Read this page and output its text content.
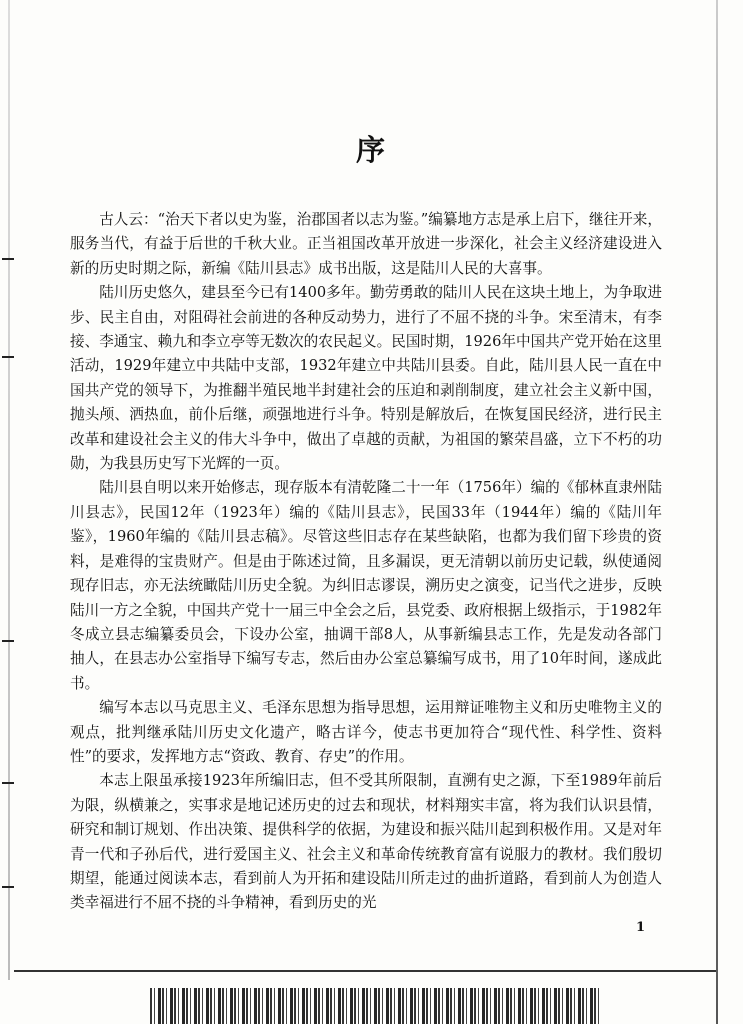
序

古人云：“治天下者以史为鉴，治郡国者以志为鉴。”编纂地方志是承上启下，继往开来，服务当代，有益于后世的千秋大业。正当祖国改革开放进一步深化，社会主义经济建设进入新的历史时期之际，新编《陆川县志》成书出版，这是陆川人民的大喜事。

陆川历史悠久，建县至今已有1400多年。勤劳勇敢的陆川人民在这块土地上，为争取进步、民主自由，对阻碍社会前进的各种反动势力，进行了不屈不挠的斗争。宋至清末，有李接、李通宝、赖九和李立亭等无数次的农民起义。民国时期，1926年中国共产党开始在这里活动，1929年建立中共陆中支部，1932年建立中共陆川县委。自此，陆川县人民一直在中国共产党的领导下，为推翻半殖民地半封建社会的压迫和剥削制度，建立社会主义新中国，抛头颅、洒热血，前仆后继，顽强地进行斗争。特别是解放后，在恢复国民经济，进行民主改革和建设社会主义的伟大斗争中，做出了卓越的贡献，为祖国的繁荣昌盛，立下不朽的功勋，为我县历史写下光辉的一页。

陆川县自明以来开始修志，现存版本有清乾隆二十一年（1756年）编的《郁林直隶州陆川县志》，民国12年（1923年）编的《陆川县志》，民国33年（1944年）编的《陆川年鉴》，1960年编的《陆川县志稿》。尽管这些旧志存在某些缺陷，也都为我们留下珍贵的资料，是难得的宝贵财产。但是由于陈述过简，且多漏误，更无清朝以前历史记载，纵使通阅现存旧志，亦无法统瞰陆川历史全貌。为纠旧志谬误，溯历史之演变，记当代之进步，反映陆川一方之全貌，中国共产党十一届三中全会之后，县党委、政府根据上级指示，于1982年冬成立县志编纂委员会，下设办公室，抽调干部8人，从事新编县志工作，先是发动各部门抽人，在县志办公室指导下编写专志，然后由办公室总纂编写成书，用了10年时间，遂成此书。

编写本志以马克思主义、毛泽东思想为指导思想，运用辩证唯物主义和历史唯物主义的观点，批判继承陆川历史文化遗产，略古详今，使志书更加符合“现代性、科学性、资料性”的要求，发挥地方志“资政、教育、存史”的作用。

本志上限虽承接1923年所编旧志，但不受其所限制，直溯有史之源，下至1989年前后为限，纵横兼之，实事求是地记述历史的过去和现状，材料翔实丰富，将为我们认识县情，研究和制订规划、作出决策、提供科学的依据，为建设和振兴陆川起到积极作用。又是对年青一代和子孙后代，进行爱国主义、社会主义和革命传统教育富有说服力的教材。我们殷切期望，能通过阅读本志，看到前人为开拓和建设陆川所走过的曲折道路，看到前人为创造人类幸福进行不屈不挠的斗争精神，看到历史的光

1
